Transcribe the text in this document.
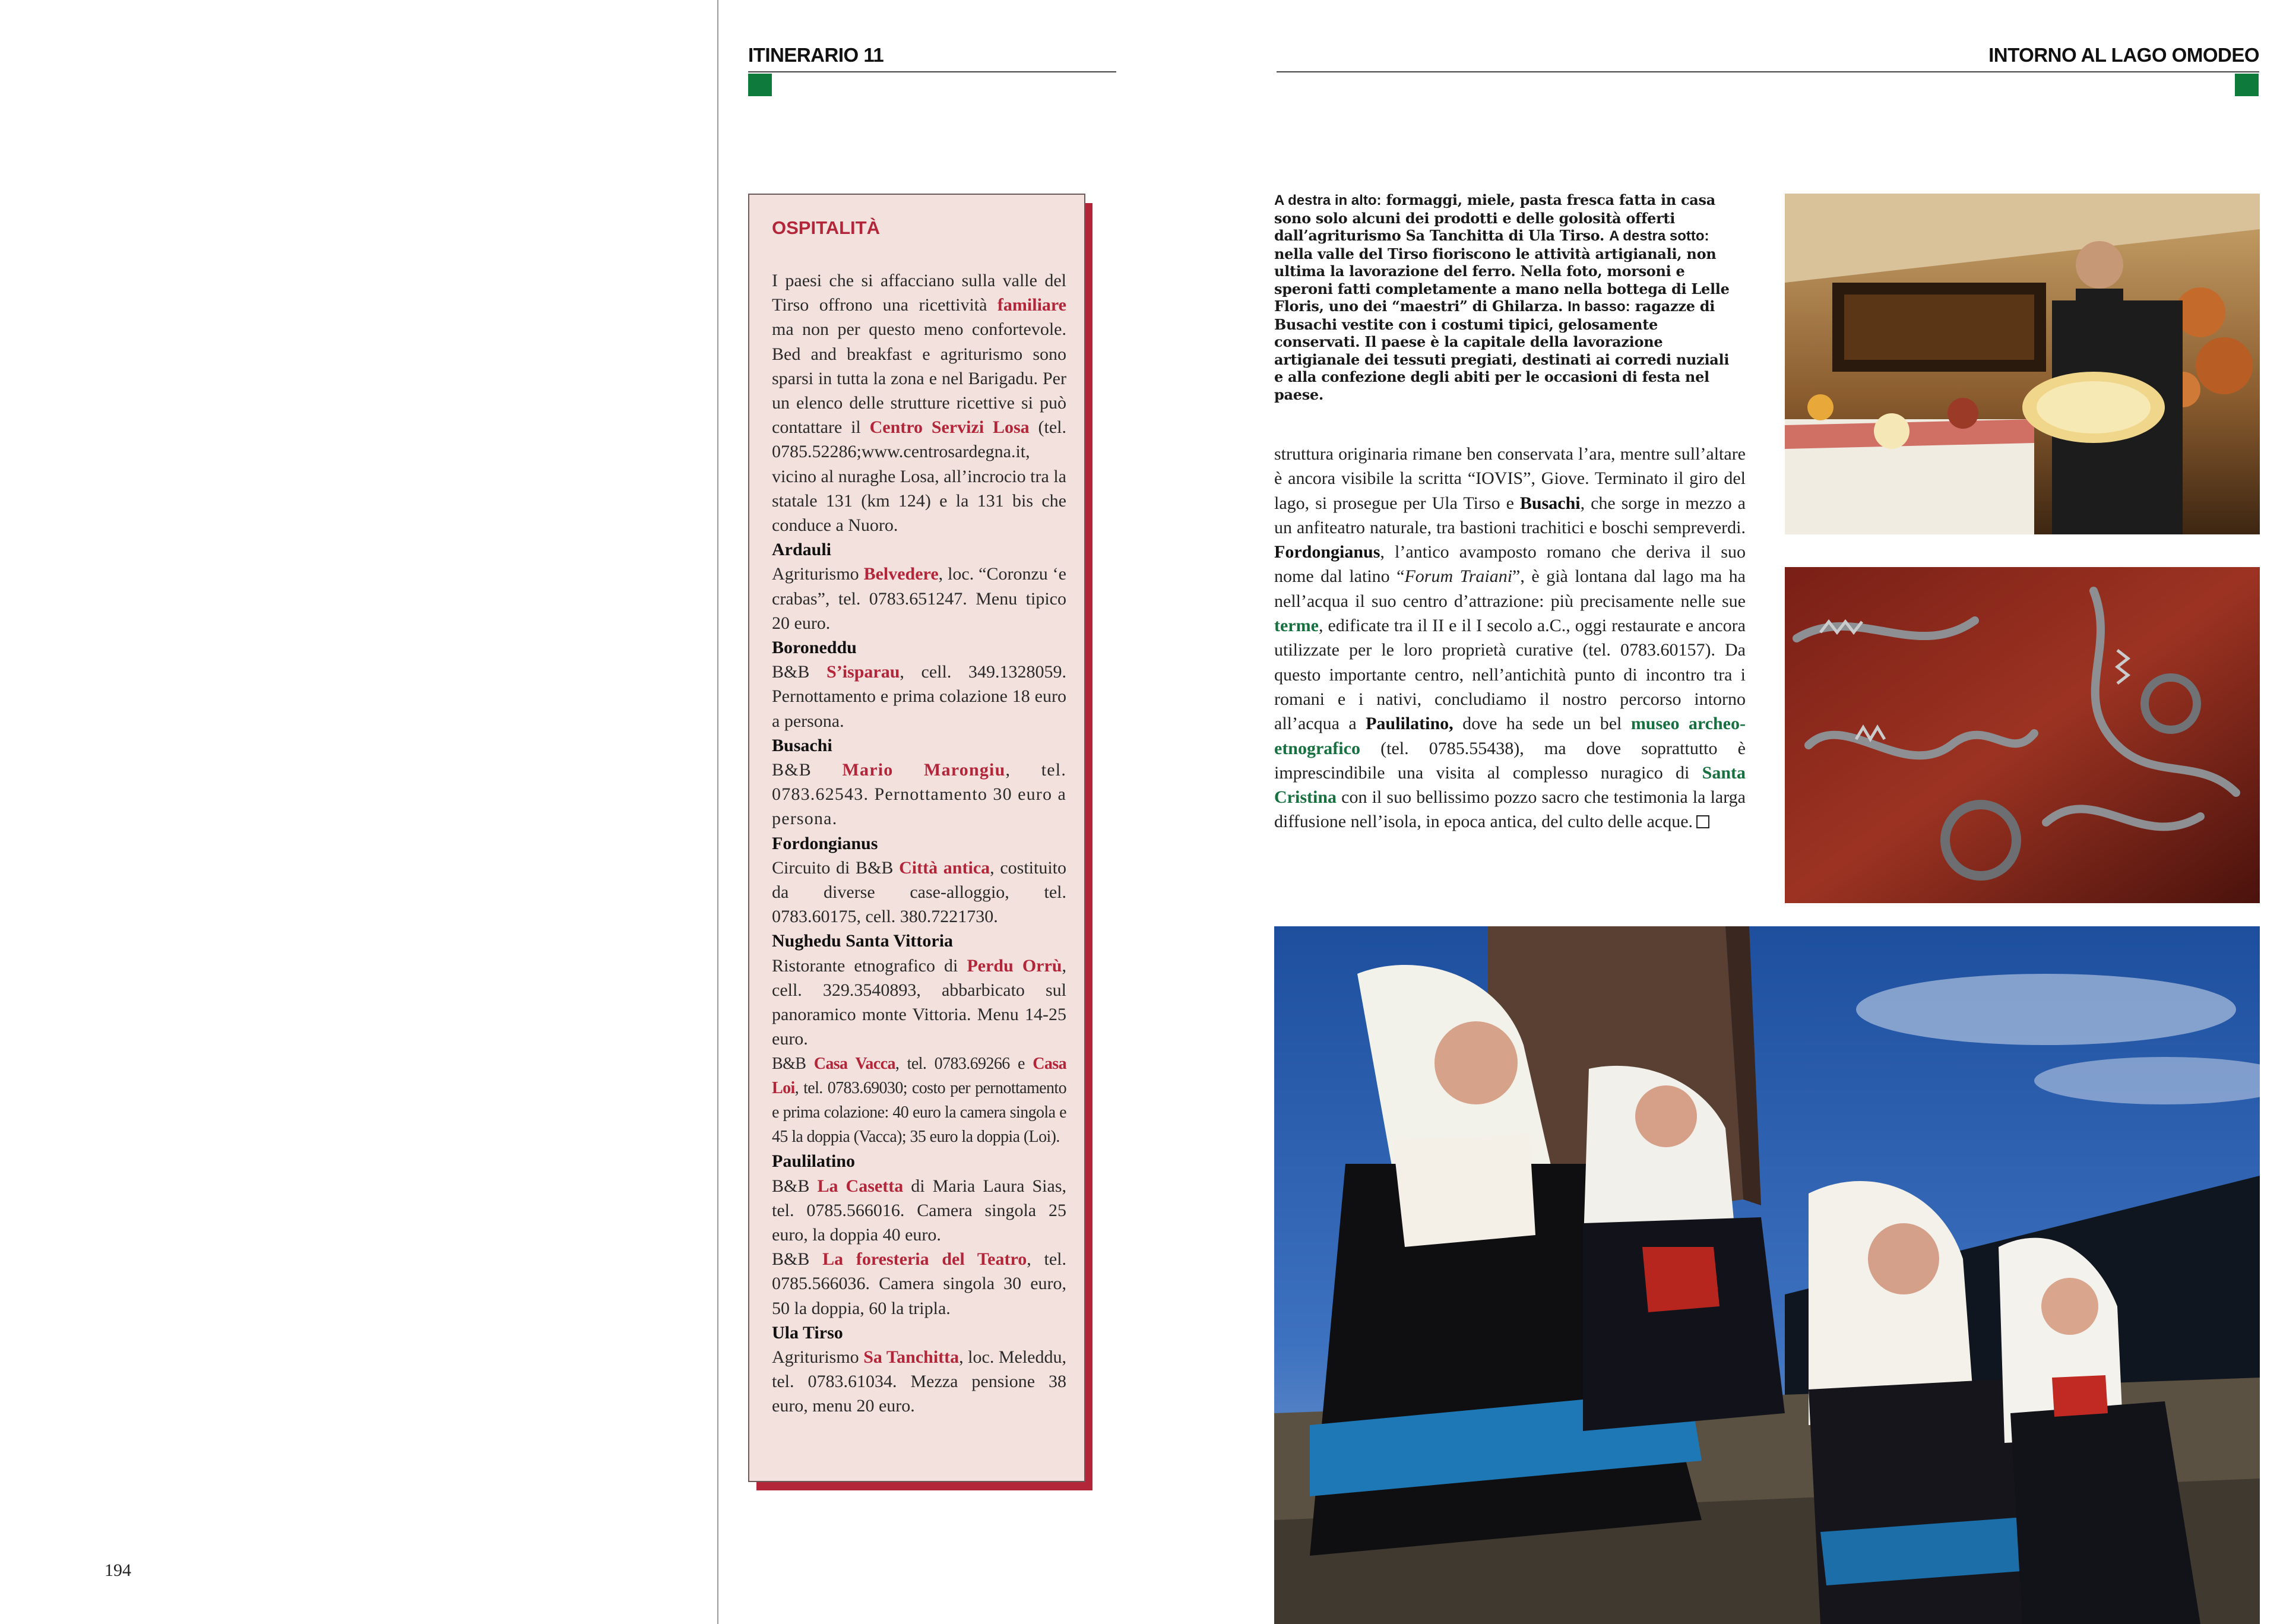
ITINERARIO 11	INTORNO AL LAGO OMODEO
194
OSPITALITÀ

I paesi che si affacciano sulla valle del Tirso offrono una ricettività familiare ma non per questo meno confortevole. Bed and breakfast e agriturismo sono sparsi in tutta la zona e nel Barigadu. Per un elenco delle strutture ricettive si può contattare il Centro Servizi Losa (tel. 0785.52286;www.centrosardegna.it, vicino al nuraghe Losa, all’incrocio tra la statale 131 (km 124) e la 131 bis che conduce a Nuoro.

Ardauli

Agriturismo Belvedere, loc. “Coronzu ‘e crabas”, tel. 0783.651247. Menu tipico 20 euro.

Boroneddu

B&B S’isparau, cell. 349.1328059. Pernottamento e prima colazione 18 euro a persona.

Busachi

B&B Mario Marongiu, tel. 0783.62543. Pernottamento 30 euro a persona.

Fordongianus

Circuito di B&B Città antica, costituito da diverse case-alloggio, tel. 0783.60175, cell. 380.7221730.

Nughedu Santa Vittoria

Ristorante etnografico di Perdu Orrù, cell. 329.3540893, abbarbicato sul panoramico monte Vittoria. Menu 14-25 euro.

B&B Casa Vacca, tel. 0783.69266 e Casa Loi, tel. 0783.69030; costo per pernottamento e prima colazione: 40 euro la camera singola e 45 la doppia (Vacca); 35 euro la doppia (Loi).

Paulilatino

B&B La Casetta di Maria Laura Sias, tel. 0785.566016. Camera singola 25 euro, la doppia 40 euro.

B&B La foresteria del Teatro, tel. 0785.566036. Camera singola 30 euro, 50 la doppia, 60 la tripla.

Ula Tirso

Agriturismo Sa Tanchitta, loc. Meleddu, tel. 0783.61034. Mezza pensione 38 euro, menu 20 euro.

A destra in alto: formaggi, miele, pasta fresca fatta in casa sono solo alcuni dei prodotti e delle golosità offerti dall’agriturismo Sa Tanchitta di Ula Tirso. A destra sotto: nella valle del Tirso fioriscono le attività artigianali, non ultima la lavorazione del ferro. Nella foto, morsoni e speroni fatti completamente a mano nella bottega di Lelle Floris, uno dei “maestri” di Ghilarza. In basso: ragazze di Busachi vestite con i costumi tipici, gelosamente conservati. Il paese è la capitale della lavorazione artigianale dei tessuti pregiati, destinati ai corredi nuziali e alla confezione degli abiti per le occasioni di festa nel paese.
struttura originaria rimane ben conservata l’ara, mentre sull’altare è ancora visibile la scritta “IOVIS”, Giove. Terminato il giro del lago, si prosegue per Ula Tirso e Busachi, che sorge in mezzo a un anfiteatro naturale, tra bastioni trachitici e boschi sempreverdi. Fordongianus, l’antico avamposto romano che deriva il suo nome dal latino “Forum Traiani”, è già lontana dal lago ma ha nell’acqua il suo centro d’attrazione: più precisamente nelle sue terme, edificate tra il II e il I secolo a.C., oggi restaurate e ancora utilizzate per le loro proprietà curative (tel. 0783.60157). Da questo importante centro, nell’antichità punto di incontro tra i romani e i nativi, concludiamo il nostro percorso intorno all’acqua a Paulilatino, dove ha sede un bel museo archeo-etnografico (tel. 0785.55438), ma dove soprattutto è imprescindibile una visita al complesso nuragico di Santa Cristina con il suo bellissimo pozzo sacro che testimonia la larga diffusione nell’isola, in epoca antica, del culto delle acque.
